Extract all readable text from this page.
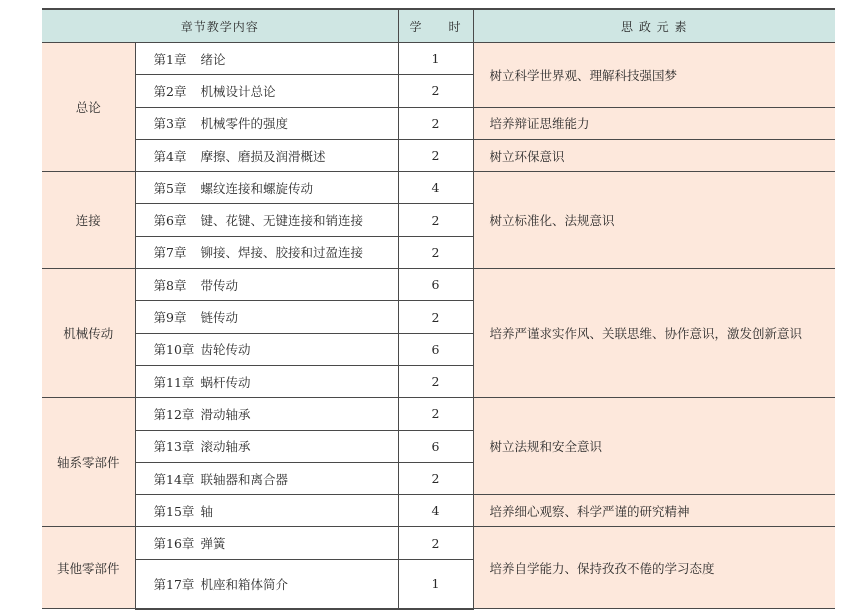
章节教学内容		学　　时	思 政 元 素
总论	第1章 绪论	1	树立科学世界观、理解科技强国梦
	第2章 机械设计总论	2	
	第3章 机械零件的强度	2	培养辩证思维能力
	第4章 摩擦、磨损及润滑概述	2	树立环保意识
连接	第5章 螺纹连接和螺旋传动	4	树立标准化、法规意识
	第6章 键、花键、无键连接和销连接	2	
	第7章 铆接、焊接、胶接和过盈连接	2	
机械传动	第8章 带传动	6	培养严谨求实作风、关联思维、协作意识，激发创新意识
	第9章 链传动	2	
	第10章 齿轮传动	6	
	第11章 蜗杆传动	2	
轴系零部件	第12章 滑动轴承	2	树立法规和安全意识
	第13章 滚动轴承	6	
	第14章 联轴器和离合器	2	
	第15章 轴	4	培养细心观察、科学严谨的研究精神
其他零部件	第16章 弹簧	2	培养自学能力、保持孜孜不倦的学习态度
	第17章 机座和箱体简介	1	
